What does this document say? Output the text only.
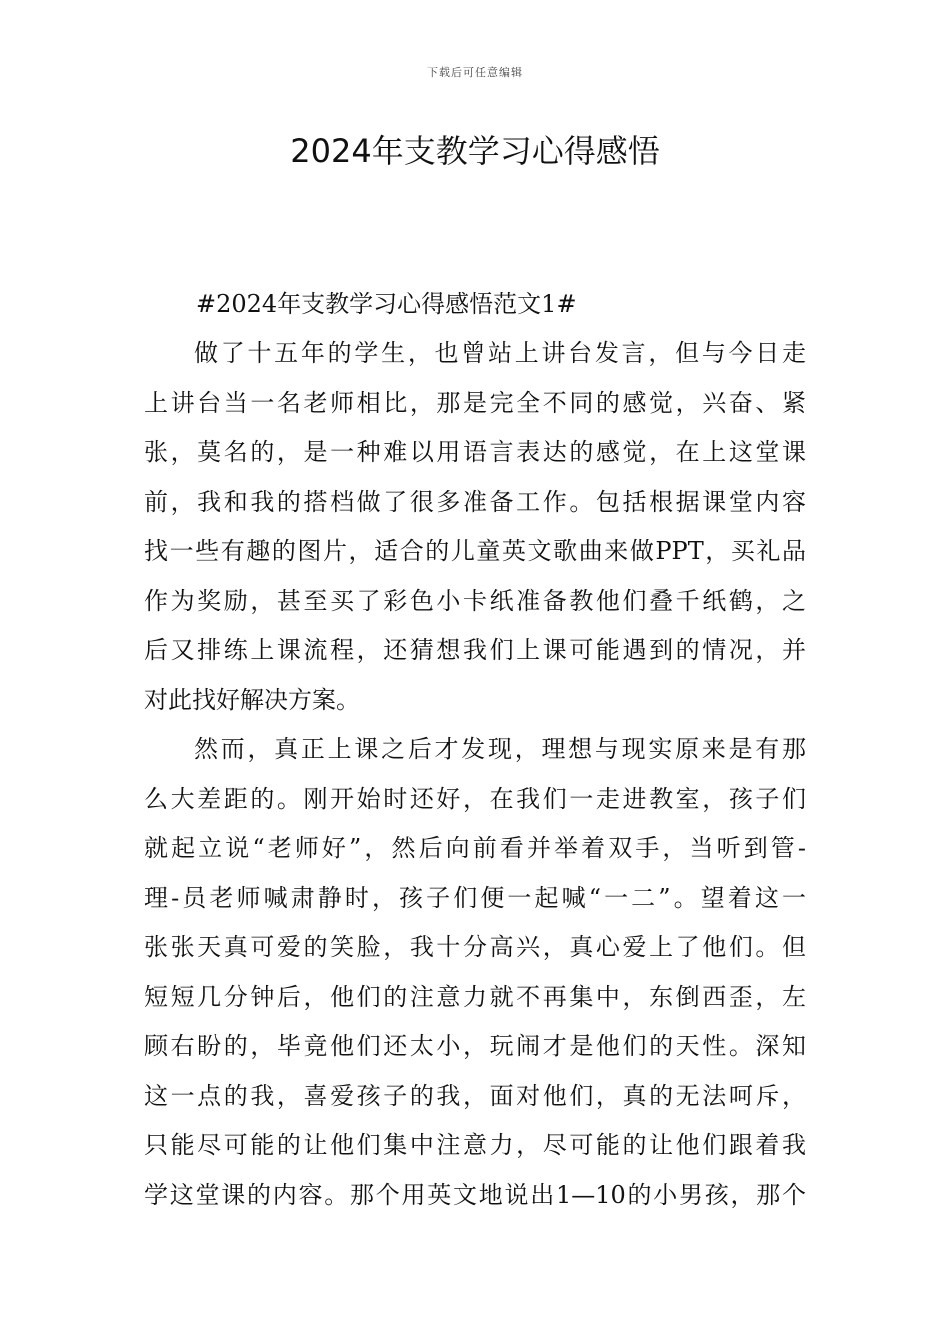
下载后可任意编辑
2024年支教学习心得感悟

#2024年支教学习心得感悟范文1#

做了十五年的学生，也曾站上讲台发言，但与今日走
上讲台当一名老师相比，那是完全不同的感觉，兴奋、紧
张，莫名的，是一种难以用语言表达的感觉，在上这堂课
前，我和我的搭档做了很多准备工作。包括根据课堂内容
找一些有趣的图片，适合的儿童英文歌曲来做PPT，买礼品
作为奖励，甚至买了彩色小卡纸准备教他们叠千纸鹤，之
后又排练上课流程，还猜想我们上课可能遇到的情况，并
对此找好解决方案。

然而，真正上课之后才发现，理想与现实原来是有那
么大差距的。刚开始时还好，在我们一走进教室，孩子们
就起立说“老师好”，然后向前看并举着双手，当听到管-
理-员老师喊肃静时，孩子们便一起喊“一二”。望着这一
张张天真可爱的笑脸，我十分高兴，真心爱上了他们。但
短短几分钟后，他们的注意力就不再集中，东倒西歪，左
顾右盼的，毕竟他们还太小，玩闹才是他们的天性。深知
这一点的我，喜爱孩子的我，面对他们，真的无法呵斥，
只能尽可能的让他们集中注意力，尽可能的让他们跟着我
学这堂课的内容。那个用英文地说出1—10的小男孩，那个
